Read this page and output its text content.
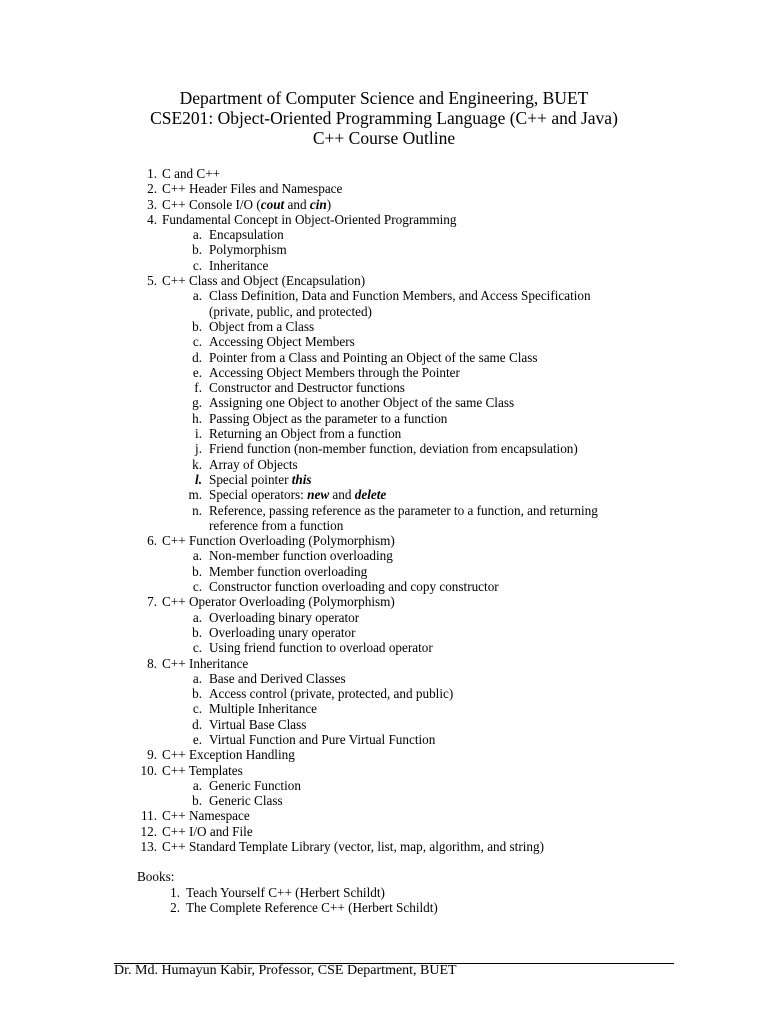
Department of Computer Science and Engineering, BUET
CSE201: Object-Oriented Programming Language (C++ and Java)
C++ Course Outline
1. C and C++
2. C++ Header Files and Namespace
3. C++ Console I/O (cout and cin)
4. Fundamental Concept in Object-Oriented Programming
a. Encapsulation
b. Polymorphism
c. Inheritance
5. C++ Class and Object (Encapsulation)
a. Class Definition, Data and Function Members, and Access Specification
(private, public, and protected)
b. Object from a Class
c. Accessing Object Members
d. Pointer from a Class and Pointing an Object of the same Class
e. Accessing Object Members through the Pointer
f. Constructor and Destructor functions
g. Assigning one Object to another Object of the same Class
h. Passing Object as the parameter to a function
i. Returning an Object from a function
j. Friend function (non-member function, deviation from encapsulation)
k. Array of Objects
l. Special pointer this
m. Special operators: new and delete
n. Reference, passing reference as the parameter to a function, and returning
reference from a function
6. C++ Function Overloading (Polymorphism)
a. Non-member function overloading
b. Member function overloading
c. Constructor function overloading and copy constructor
7. C++ Operator Overloading (Polymorphism)
a. Overloading binary operator
b. Overloading unary operator
c. Using friend function to overload operator
8. C++ Inheritance
a. Base and Derived Classes
b. Access control (private, protected, and public)
c. Multiple Inheritance
d. Virtual Base Class
e. Virtual Function and Pure Virtual Function
9. C++ Exception Handling
10. C++ Templates
a. Generic Function
b. Generic Class
11. C++ Namespace
12. C++ I/O and File
13. C++ Standard Template Library (vector, list, map, algorithm, and string)
Books:
1. Teach Yourself C++ (Herbert Schildt)
2. The Complete Reference C++ (Herbert Schildt)
Dr. Md. Humayun Kabir, Professor, CSE Department, BUET
